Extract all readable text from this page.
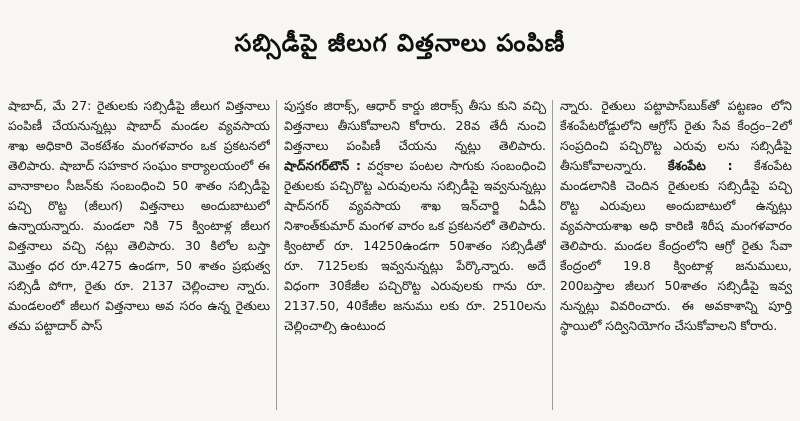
సబ్సిడీపై జీలుగ విత్తనాలు పంపిణీ

షాబాద్, మే 27: రైతులకు సబ్సిడీపై జీలుగ విత్తనాలు పంపిణీ చేయనున్నట్లు షాబాద్ మండల వ్యవసాయ శాఖ అధికారి వెంకటేశం మంగళవారం ఒక ప్రకటనలో తెలిపారు. షాబాద్ సహకార సంఘం కార్యాలయంలో ఈ వానాకాలం సీజన్‌కు సంబంధించి 50 శాతం సబ్సిడీపై పచ్చి రొట్ట (జీలుగ) విత్తనాలు అందుబాటులో ఉన్నాయన్నారు. మండలా నికి 75 క్వింటాళ్ల జీలుగ విత్తనాలు వచ్చి నట్లు తెలిపారు. 30 కిలోల బస్తా మొత్తం ధర రూ.4275 ఉండగా, 50 శాతం ప్రభుత్వ సబ్సిడీ పోగా, రైతు రూ. 2137 చెల్లించాల న్నారు. మండలంలో జీలుగ విత్తనాలు అవ సరం ఉన్న రైతులు తమ పట్టాదార్ పాస్

పుస్తకం జిరాక్స్, ఆధార్ కార్డు జిరాక్స్ తీసు కుని వచ్చి విత్తనాలు తీసుకోవాలని కోరారు. 28వ తేదీ నుంచి విత్తనాలు పంపిణీ చేయను న్నట్లు తెలిపారు. షాద్‌నగర్‌టౌన్ : వర్షకాల పంటల సాగుకు సంబంధించి రైతులకు పచ్చిరొట్ట ఎరువులను సబ్సిడీపై ఇవ్వనున్నట్లు షాద్‌నగర్ వ్యవసాయ శాఖ ఇన్‌చార్జి ఏడీఏ నిశాంత్‌కుమార్ మంగళ వారం ఒక ప్రకటనలో తెలిపారు. క్వింటాల్ రూ. 14250ఉండగా 50శాతం సబ్సిడీతో రూ. 7125లకు ఇవ్వనున్నట్లు పేర్కొన్నారు. అదే విధంగా 30కేజీల పచ్చిరొట్ట ఎరువులకు గాను రూ. 2137.50, 40కేజీల జనుము లకు రూ. 2510లను చెల్లించాల్సి ఉంటుంద

న్నారు. రైతులు పట్టాపాస్‌బుక్‌తో పట్టణం లోని కేశంపేటరోడ్డులోని ఆగ్రోస్ రైతు సేవ కేంద్రం–2లో సంప్రదించి పచ్చిరొట్ట ఎరువు లను సబ్సిడీపై తీసుకోవాలన్నారు. కేశంపేట : కేశంపేట మండలానికి చెందిన రైతులకు సబ్సిడీపై పచ్చి రొట్ట ఎరువులు అందుబాటులో ఉన్నట్లు వ్యవసాయశాఖ అధి కారిణి శిరీష మంగళవారం తెలిపారు. మండల కేంద్రంలోని ఆగ్రో రైతు సేవా కేంద్రంలో 19.8 క్వింటాళ్ల జనుములు, 200బస్తాల జీలుగ 50శాతం సబ్సిడీపై ఇవ్వ నున్నట్లు వివరించారు. ఈ అవకాశాన్ని పూర్తి స్థాయిలో సద్వినియోగం చేసుకోవాలని కోరారు.
